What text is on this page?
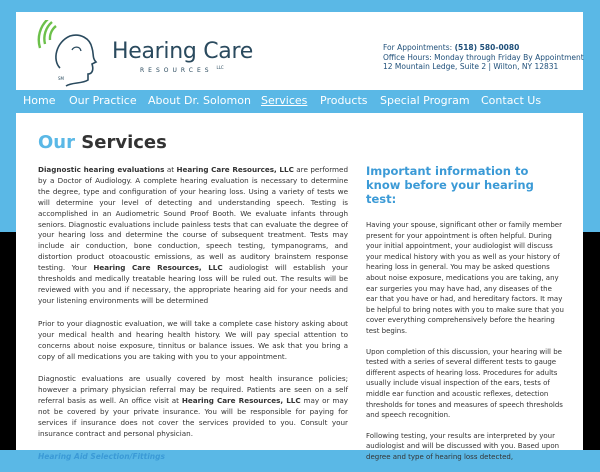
SM
Hearing Care
RESOURCES $^{LLC}$
For Appointments: (518) 580-0080
Office Hours: Monday through Friday By Appointment
12 Mountain Ledge, Suite 2 | Wilton, NY 12831
Home Our Practice About Dr. Solomon Services Products Special Program Contact Us
Our Services

Diagnostic hearing evaluations at Hearing Care Resources, LLC are performed by a Doctor of Audiology. A complete hearing evaluation is necessary to determine the degree, type and configuration of your hearing loss. Using a variety of tests we will determine your level of detecting and understanding speech. Testing is accomplished in an Audiometric Sound Proof Booth. We evaluate infants through seniors. Diagnostic evaluations include painless tests that can evaluate the degree of your hearing loss and determine the course of subsequent treatment. Tests may include air conduction, bone conduction, speech testing, tympanograms, and distortion product otoacoustic emissions, as well as auditory brainstem response testing. Your Hearing Care Resources, LLC audiologist will establish your thresholds and medically treatable hearing loss will be ruled out. The results will be reviewed with you and if necessary, the appropriate hearing aid for your needs and your listening environments will be determined

Prior to your diagnostic evaluation, we will take a complete case history asking about your medical health and hearing health history. We will pay special attention to concerns about noise exposure, tinnitus or balance issues. We ask that you bring a copy of all medications you are taking with you to your appointment.

Diagnostic evaluations are usually covered by most health insurance policies; however a primary physician referral may be required. Patients are seen on a self referral basis as well. An office visit at Hearing Care Resources, LLC may or may not be covered by your private insurance. You will be responsible for paying for services if insurance does not cover the services provided to you. Consult your insurance contract and personal physician.

Hearing Aid Selection/Fittings
Important information to know before your hearing test:

Having your spouse, significant other or family member present for your appointment is often helpful. During your initial appointment, your audiologist will discuss your medical history with you as well as your history of hearing loss in general. You may be asked questions about noise exposure, medications you are taking, any ear surgeries you may have had, any diseases of the ear that you have or had, and hereditary factors. It may be helpful to bring notes with you to make sure that you cover everything comprehensively before the hearing test begins.

Upon completion of this discussion, your hearing will be tested with a series of several different tests to gauge different aspects of hearing loss. Procedures for adults usually include visual inspection of the ears, tests of middle ear function and acoustic reflexes, detection thresholds for tones and measures of speech thresholds and speech recognition.

Following testing, your results are interpreted by your audiologist and will be discussed with you. Based upon degree and type of hearing loss detected,
